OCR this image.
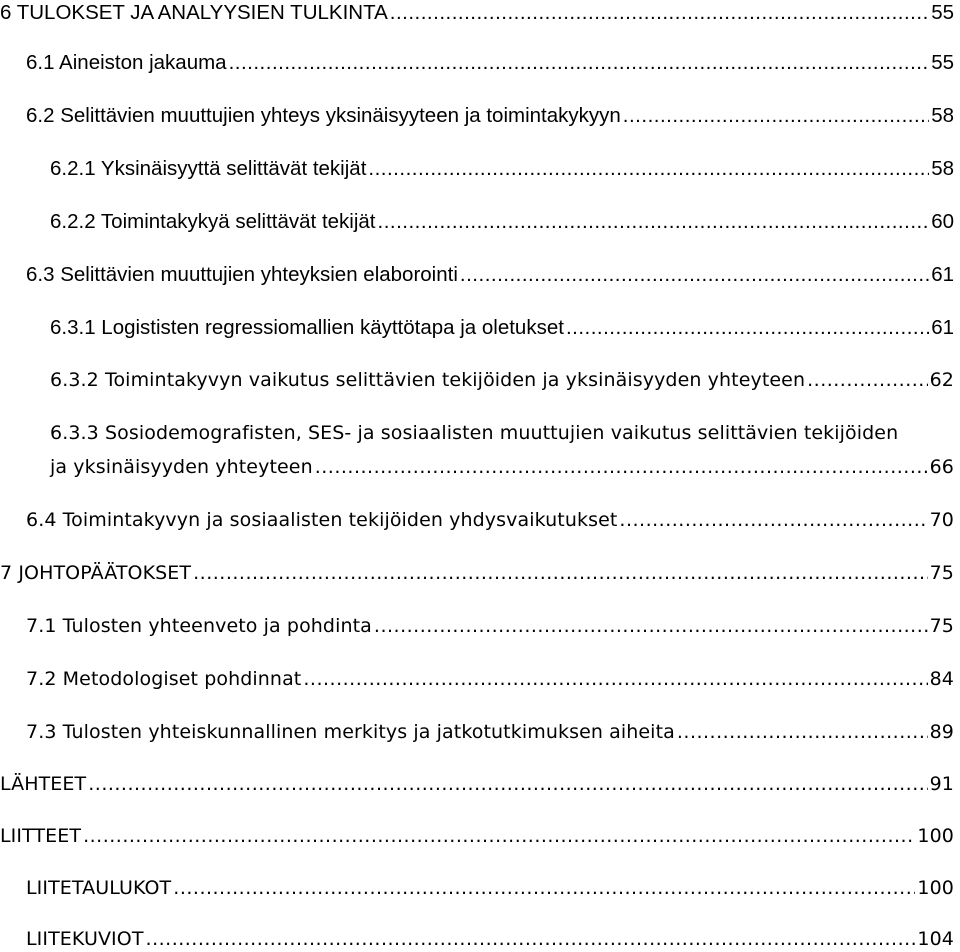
6 TULOKSET JA ANALYYSIEN TULKINTA .....	55
6.1 Aineiston jakauma .....	55
6.2 Selittävien muuttujien yhteys yksinäisyyteen ja toimintakykyyn .....	58
6.2.1 Yksinäisyyttä selittävät tekijät .....	58
6.2.2 Toimintakykyä selittävät tekijät .....	60
6.3 Selittävien muuttujien yhteyksien elaborointi .....	61
6.3.1 Logististen regressiomallien käyttötapa ja oletukset .....	61
6.3.2 Toimintakyvyn vaikutus selittävien tekijöiden ja yksinäisyyden yhteyteen .....	62
6.3.3 Sosiodemografisten, SES- ja sosiaalisten muuttujien vaikutus selittävien tekijöiden
ja yksinäisyyden yhteyteen .....	66
6.4 Toimintakyvyn ja sosiaalisten tekijöiden yhdysvaikutukset .....	70
7 JOHTOPÄÄTOKSET .....	75
7.1 Tulosten yhteenveto ja pohdinta .....	75
7.2 Metodologiset pohdinnat .....	84
7.3 Tulosten yhteiskunnallinen merkitys ja jatkotutkimuksen aiheita .....	89
LÄHTEET .....	91
LIITTEET .....	100
LIITETAULUKOT .....	100
LIITEKUVIOT .....	104
